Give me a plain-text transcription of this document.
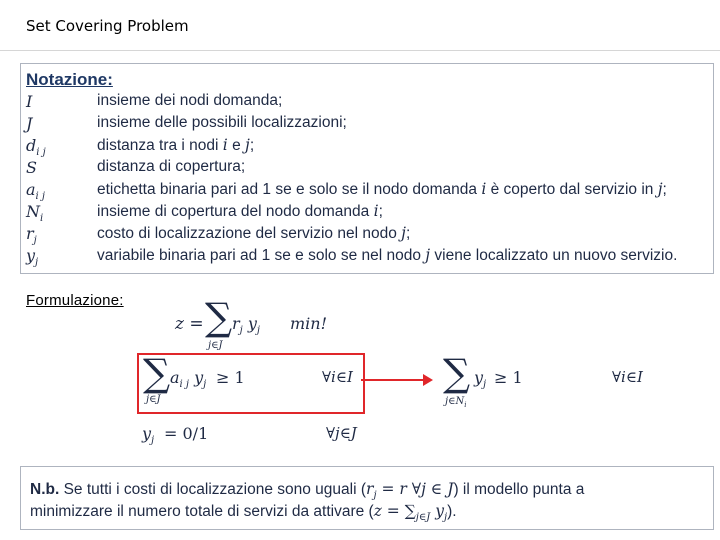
Set Covering Problem
Notazione:
I	insieme dei nodi domanda;
J	insieme delle possibili localizzazioni;
$d_{i j}$	distanza tra i nodi i e j;
S	distanza di copertura;
$a_{i j}$	etichetta binaria pari ad 1 se e solo se il nodo domanda i è coperto dal servizio in j;
$N_i$	insieme di copertura del nodo domanda i;
$r_j$	costo di localizzazione del servizio nel nodo j;
$y_j$	variabile binaria pari ad 1 se e solo se nel nodo j viene localizzato un nuovo servizio.
Formulazione:
z = ∑
j∈J
$r_j$ $y_j$ min!
∑
j∈J
$a_{i j}$ $y_j \ge 1$	∀i∈I ∑
$j\in N_i$
$y_j \ge 1$	∀i∈I
$y_j = 0/1$	∀j∈J
N.b. Se tutti i costi di localizzazione sono uguali ($r_j = r$ ∀j ∈ J) il modello punta a
minimizzare il numero totale di servizi da attivare ($z = \sum_{j\in J}$ $y_j$).
